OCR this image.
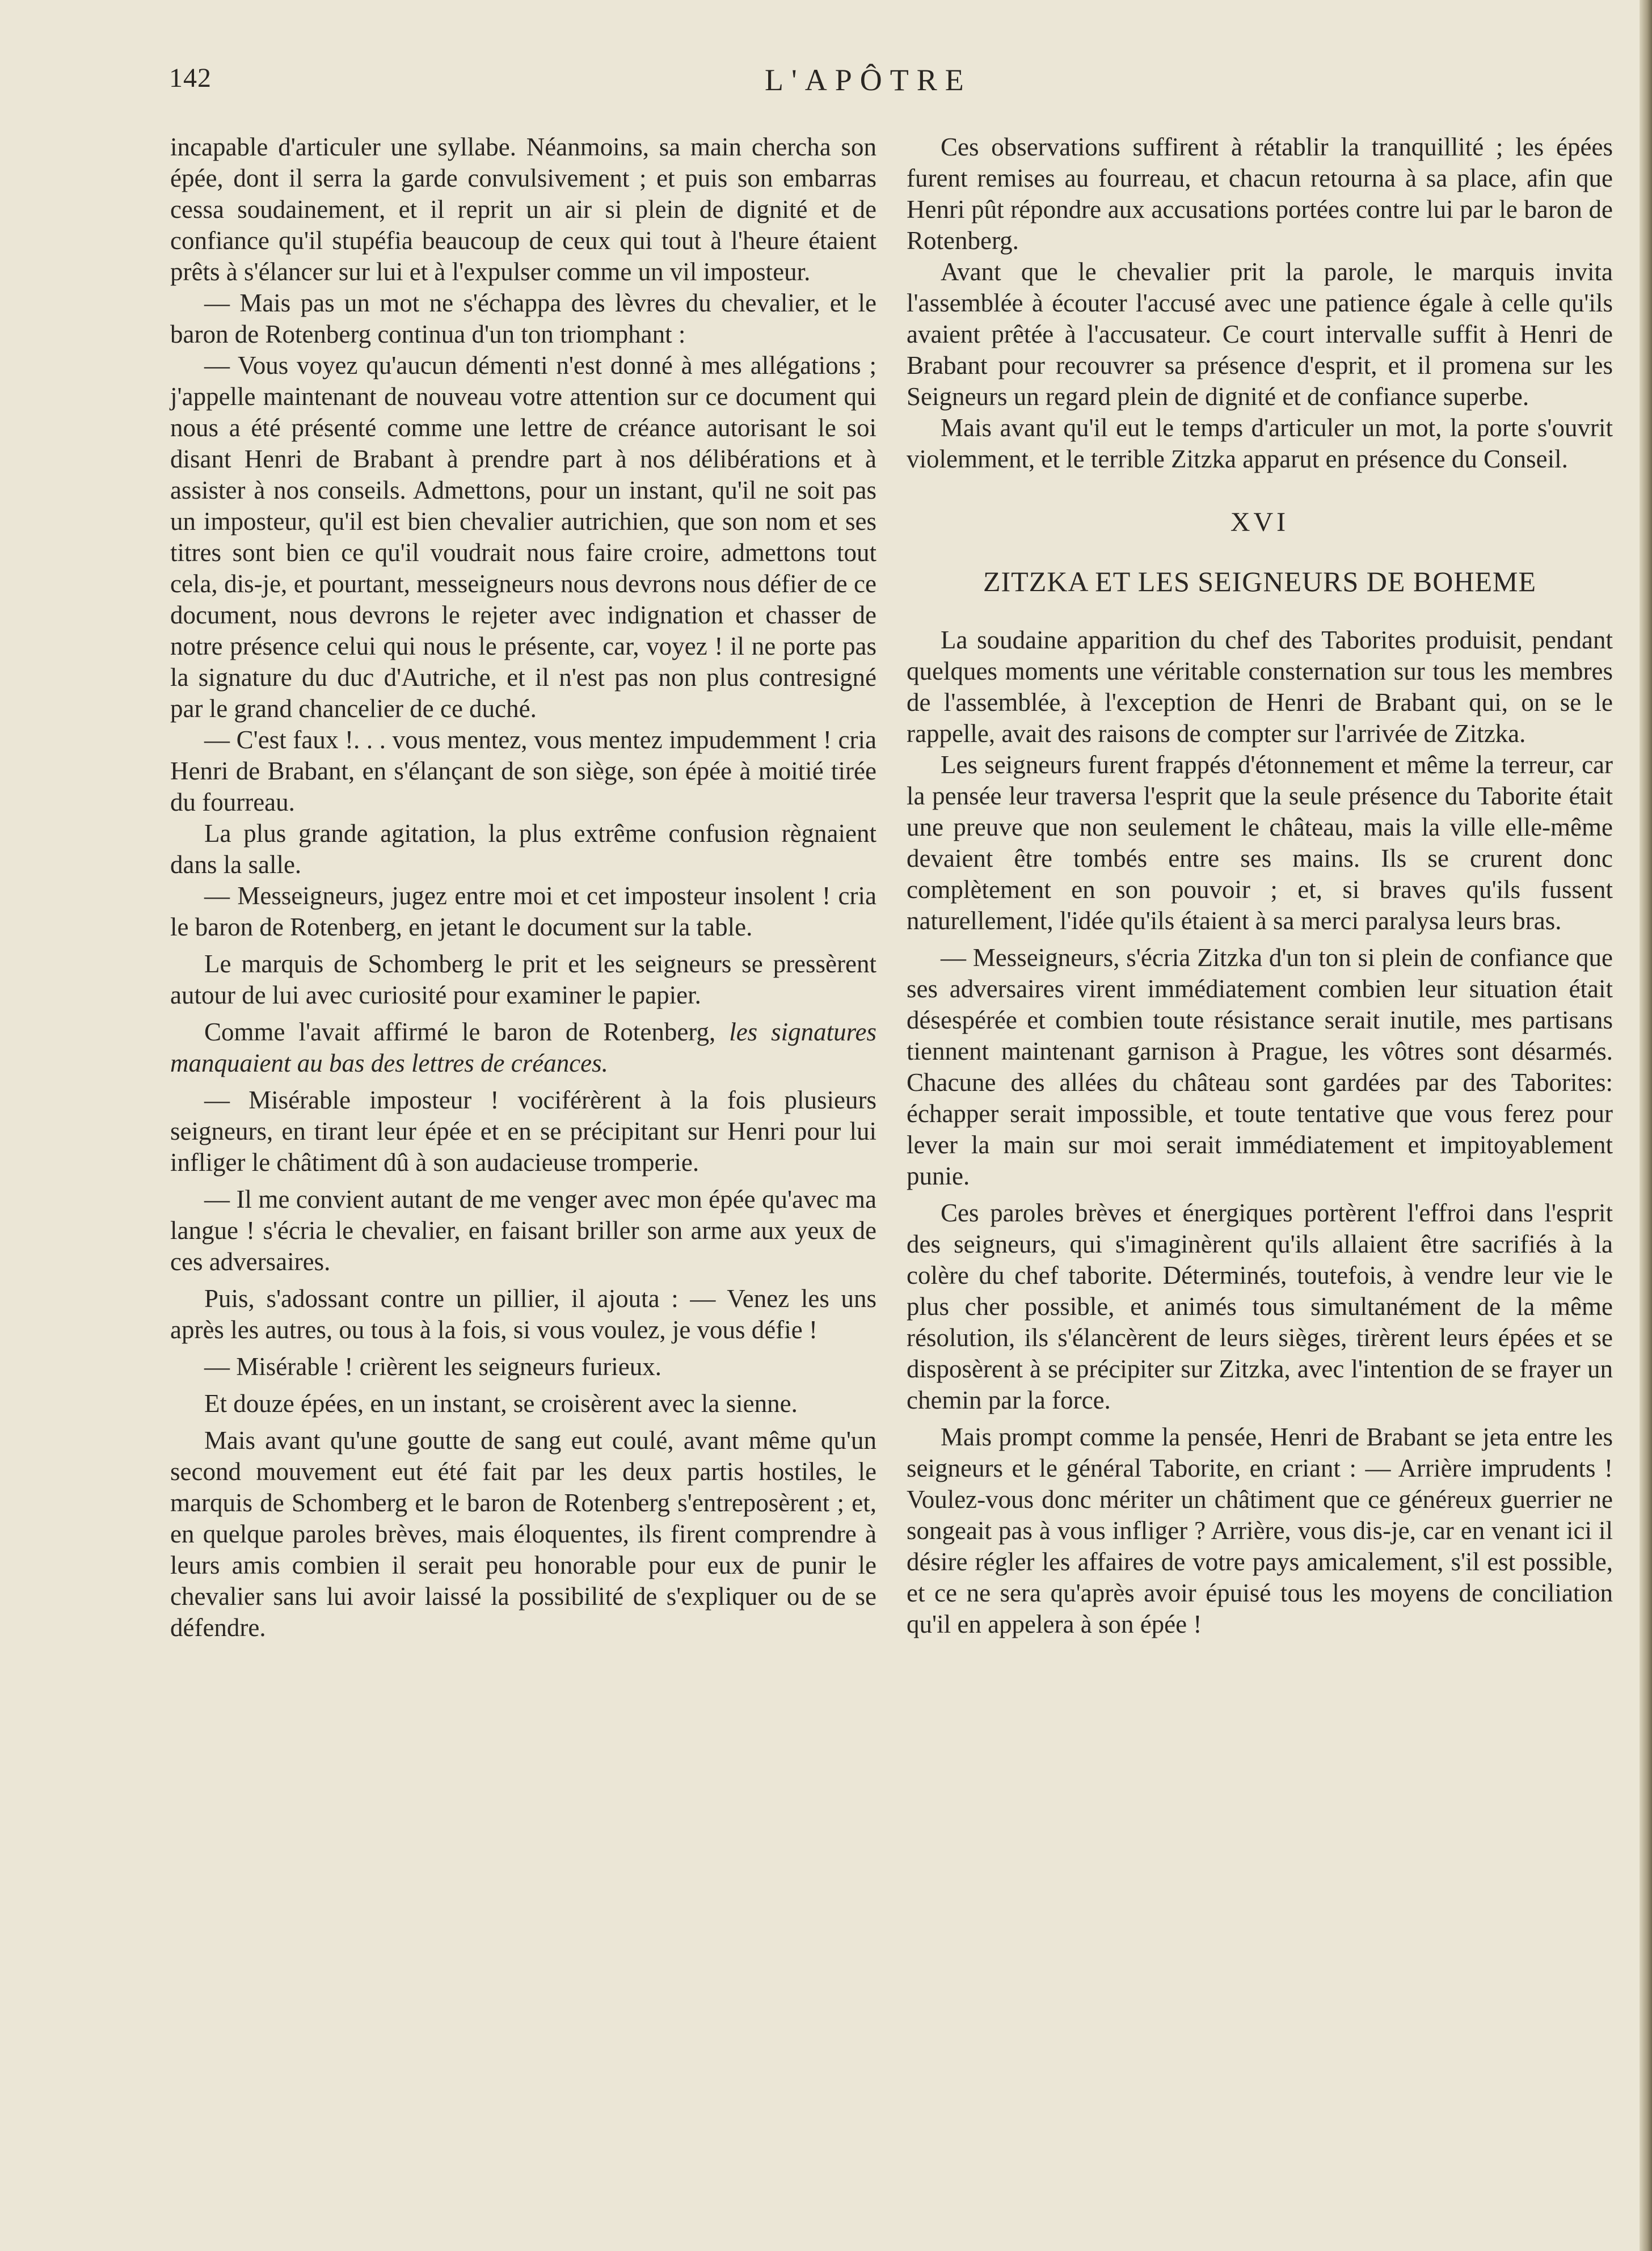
142	L'APÔTRE

incapable d'articuler une syllabe. Néanmoins, sa main chercha son épée, dont il serra la garde convulsivement ; et puis son embarras cessa soudainement, et il reprit un air si plein de dignité et de confiance qu'il stupéfia beaucoup de ceux qui tout à l'heure étaient prêts à s'élancer sur lui et à l'expulser comme un vil imposteur.

— Mais pas un mot ne s'échappa des lèvres du chevalier, et le baron de Rotenberg continua d'un ton triomphant :

— Vous voyez qu'aucun démenti n'est donné à mes allégations ; j'appelle maintenant de nouveau votre attention sur ce document qui nous a été présenté comme une lettre de créance autorisant le soi disant Henri de Brabant à prendre part à nos délibérations et à assister à nos conseils. Admettons, pour un instant, qu'il ne soit pas un imposteur, qu'il est bien chevalier autrichien, que son nom et ses titres sont bien ce qu'il voudrait nous faire croire, admettons tout cela, dis-je, et pourtant, messeigneurs nous devrons nous défier de ce document, nous devrons le rejeter avec indignation et chasser de notre présence celui qui nous le présente, car, voyez ! il ne porte pas la signature du duc d'Autriche, et il n'est pas non plus contresigné par le grand chancelier de ce duché.

— C'est faux !. . . vous mentez, vous mentez impudemment ! cria Henri de Brabant, en s'élançant de son siège, son épée à moitié tirée du fourreau.

La plus grande agitation, la plus extrême confusion règnaient dans la salle.

— Messeigneurs, jugez entre moi et cet imposteur insolent ! cria le baron de Rotenberg, en jetant le document sur la table.

Le marquis de Schomberg le prit et les seigneurs se pressèrent autour de lui avec curiosité pour examiner le papier.

Comme l'avait affirmé le baron de Rotenberg, les signatures manquaient au bas des lettres de créances.

— Misérable imposteur ! vociférèrent à la fois plusieurs seigneurs, en tirant leur épée et en se précipitant sur Henri pour lui infliger le châtiment dû à son audacieuse tromperie.

— Il me convient autant de me venger avec mon épée qu'avec ma langue ! s'écria le chevalier, en faisant briller son arme aux yeux de ces adversaires.

Puis, s'adossant contre un pillier, il ajouta : — Venez les uns après les autres, ou tous à la fois, si vous voulez, je vous défie !

— Misérable ! crièrent les seigneurs furieux.

Et douze épées, en un instant, se croisèrent avec la sienne.

Mais avant qu'une goutte de sang eut coulé, avant même qu'un second mouvement eut été fait par les deux partis hostiles, le marquis de Schomberg et le baron de Rotenberg s'entreposèrent ; et, en quelque paroles brèves, mais éloquentes, ils firent comprendre à leurs amis combien il serait peu honorable pour eux de punir le chevalier sans lui avoir laissé la possibilité de s'expliquer ou de se défendre.

Ces observations suffirent à rétablir la tranquillité ; les épées furent remises au fourreau, et chacun retourna à sa place, afin que Henri pût répondre aux accusations portées contre lui par le baron de Rotenberg.

Avant que le chevalier prit la parole, le marquis invita l'assemblée à écouter l'accusé avec une patience égale à celle qu'ils avaient prêtée à l'accusateur. Ce court intervalle suffit à Henri de Brabant pour recouvrer sa présence d'esprit, et il promena sur les Seigneurs un regard plein de dignité et de confiance superbe.

Mais avant qu'il eut le temps d'articuler un mot, la porte s'ouvrit violemment, et le terrible Zitzka apparut en présence du Conseil.

XVI
ZITZKA ET LES SEIGNEURS DE BOHEME

La soudaine apparition du chef des Taborites produisit, pendant quelques moments une véritable consternation sur tous les membres de l'assemblée, à l'exception de Henri de Brabant qui, on se le rappelle, avait des raisons de compter sur l'arrivée de Zitzka.

Les seigneurs furent frappés d'étonnement et même la terreur, car la pensée leur traversa l'esprit que la seule présence du Taborite était une preuve que non seulement le château, mais la ville elle-même devaient être tombés entre ses mains. Ils se crurent donc complètement en son pouvoir ; et, si braves qu'ils fussent naturellement, l'idée qu'ils étaient à sa merci paralysa leurs bras.

— Messeigneurs, s'écria Zitzka d'un ton si plein de confiance que ses adversaires virent immédiatement combien leur situation était désespérée et combien toute résistance serait inutile, mes partisans tiennent maintenant garnison à Prague, les vôtres sont désarmés. Chacune des allées du château sont gardées par des Taborites: échapper serait impossible, et toute tentative que vous ferez pour lever la main sur moi serait immédiatement et impitoyablement punie.

Ces paroles brèves et énergiques portèrent l'effroi dans l'esprit des seigneurs, qui s'imaginèrent qu'ils allaient être sacrifiés à la colère du chef taborite. Déterminés, toutefois, à vendre leur vie le plus cher possible, et animés tous simultanément de la même résolution, ils s'élancèrent de leurs sièges, tirèrent leurs épées et se disposèrent à se précipiter sur Zitzka, avec l'intention de se frayer un chemin par la force.

Mais prompt comme la pensée, Henri de Brabant se jeta entre les seigneurs et le général Taborite, en criant : — Arrière imprudents ! Voulez-vous donc mériter un châtiment que ce généreux guerrier ne songeait pas à vous infliger ? Arrière, vous dis-je, car en venant ici il désire régler les affaires de votre pays amicalement, s'il est possible, et ce ne sera qu'après avoir épuisé tous les moyens de conciliation qu'il en appelera à son épée !
